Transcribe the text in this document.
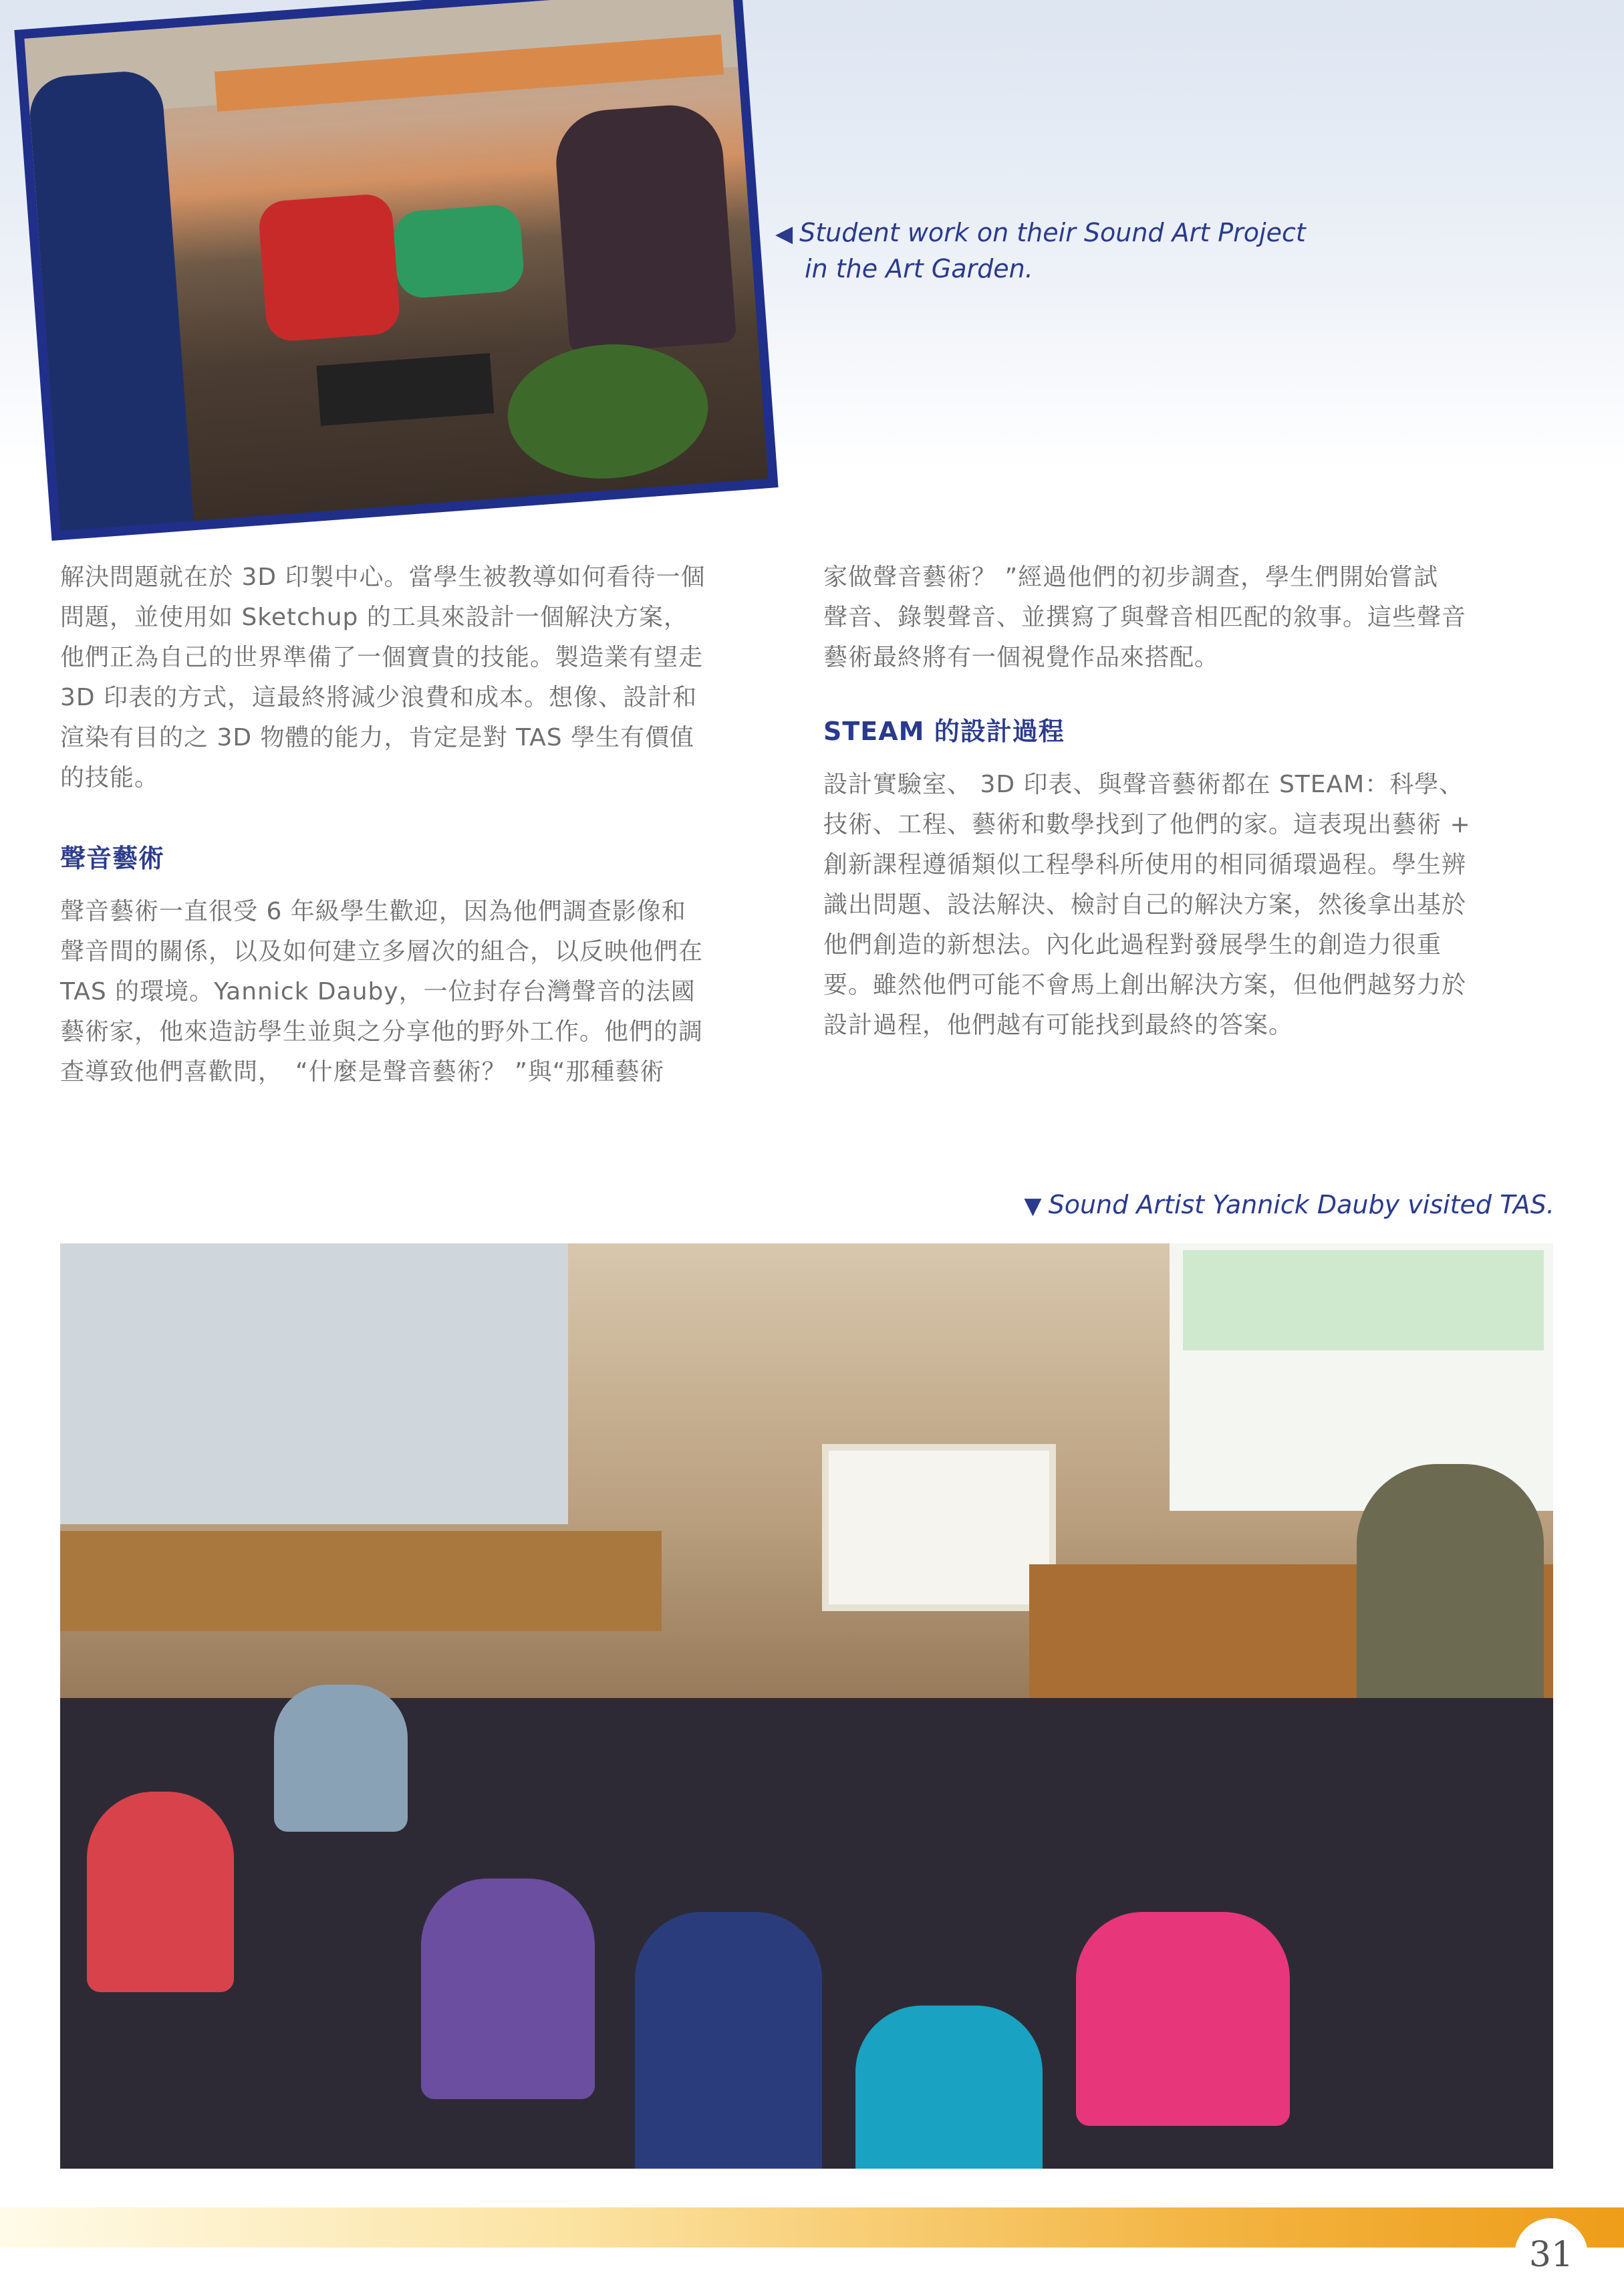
◀ Student work on their Sound Art Project
in the Art Garden.

解決問題就在於 3D 印製中心。當學生被教導如何看待一個

問題，並使用如 Sketchup 的工具來設計一個解決方案，

他們正為自己的世界準備了一個寶貴的技能。製造業有望走

3D 印表的方式，這最終將減少浪費和成本。想像、設計和

渲染有目的之 3D 物體的能力，肯定是對 TAS 學生有價值

的技能。

聲音藝術

聲音藝術一直很受 6 年級學生歡迎，因為他們調查影像和

聲音間的關係，以及如何建立多層次的組合，以反映他們在

TAS 的環境。Yannick Dauby，一位封存台灣聲音的法國

藝術家，他來造訪學生並與之分享他的野外工作。他們的調

查導致他們喜歡問，　“什麼是聲音藝術？ ”與“那種藝術

家做聲音藝術？ ”經過他們的初步調查，學生們開始嘗試

聲音、錄製聲音、並撰寫了與聲音相匹配的敘事。這些聲音

藝術最終將有一個視覺作品來搭配。

STEAM 的設計過程

設計實驗室、 3D 印表、與聲音藝術都在 STEAM：科學、

技術、工程、藝術和數學找到了他們的家。這表現出藝術 +

創新課程遵循類似工程學科所使用的相同循環過程。學生辨

識出問題、設法解決、檢討自己的解決方案，然後拿出基於

他們創造的新想法。內化此過程對發展學生的創造力很重

要。雖然他們可能不會馬上創出解決方案，但他們越努力於

設計過程，他們越有可能找到最終的答案。

▼ Sound Artist Yannick Dauby visited TAS.
31
